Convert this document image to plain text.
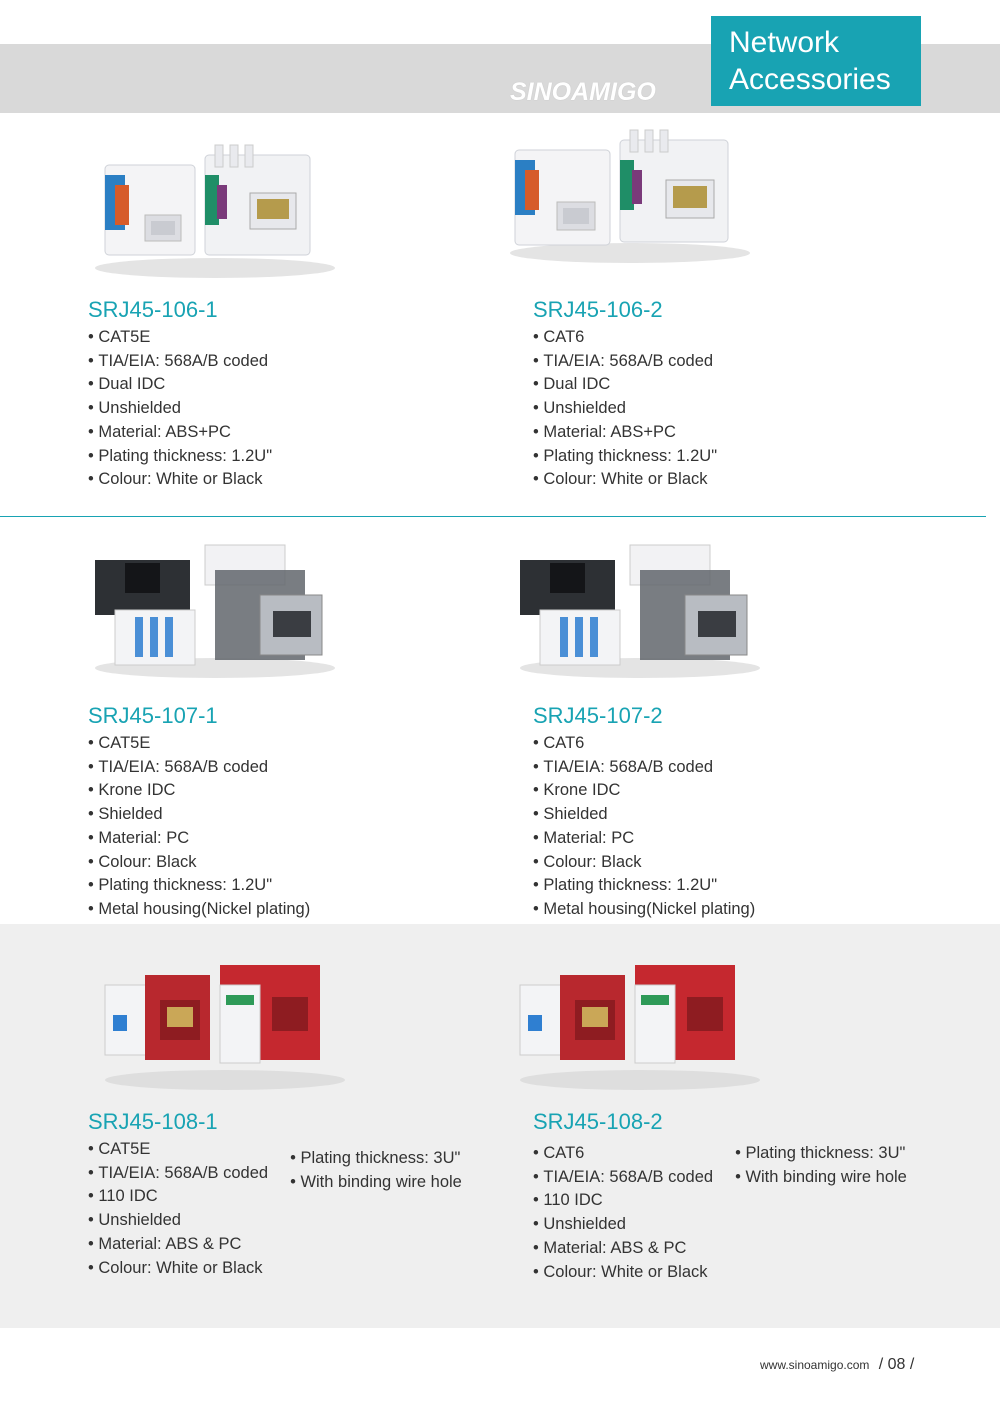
SINOAMIGO
Network
Accessories
SRJ45-106-1
• CAT5E
• TIA/EIA: 568A/B coded
• Dual IDC
• Unshielded
• Material: ABS+PC
• Plating thickness: 1.2U"
• Colour: White or Black
SRJ45-106-2
• CAT6
• TIA/EIA: 568A/B coded
• Dual IDC
• Unshielded
• Material: ABS+PC
• Plating thickness: 1.2U"
• Colour: White or Black
SRJ45-107-1
• CAT5E
• TIA/EIA: 568A/B coded
• Krone IDC
• Shielded
• Material: PC
• Colour: Black
• Plating thickness: 1.2U"
• Metal housing(Nickel plating)
SRJ45-107-2
• CAT6
• TIA/EIA: 568A/B coded
• Krone IDC
• Shielded
• Material: PC
• Colour: Black
• Plating thickness: 1.2U"
• Metal housing(Nickel plating)
SRJ45-108-1
• CAT5E
• TIA/EIA: 568A/B coded
• 110 IDC
• Unshielded
• Material: ABS & PC
• Colour: White or Black
• Plating thickness: 3U"
• With binding wire hole
SRJ45-108-2
• CAT6
• TIA/EIA: 568A/B coded
• 110 IDC
• Unshielded
• Material: ABS & PC
• Colour: White or Black
• Plating thickness: 3U"
• With binding wire hole
www.sinoamigo.com / 08 /
